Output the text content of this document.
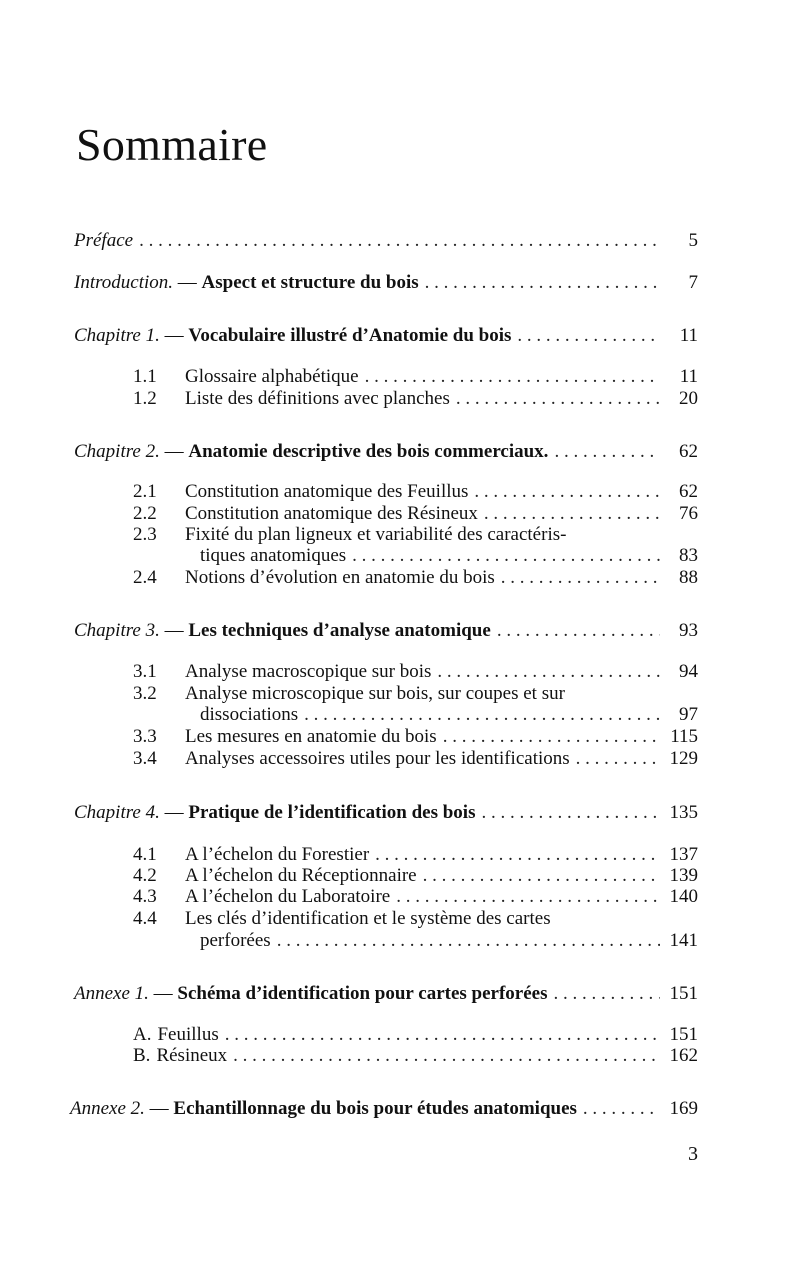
Sommaire
Préface . . .	5
Introduction. — Aspect et structure du bois . . .	7
Chapitre 1. — Vocabulaire illustré d’Anatomie du bois . . .	11
1.1	Glossaire alphabétique . . .	11
1.2	Liste des définitions avec planches . . .	20
Chapitre 2. — Anatomie descriptive des bois commerciaux. . . .	62
2.1	Constitution anatomique des Feuillus . . .	62
2.2	Constitution anatomique des Résineux . . .	76
2.3	Fixité du plan ligneux et variabilité des caractéris-
tiques anatomiques . . .	83
2.4	Notions d’évolution en anatomie du bois . . .	88
Chapitre 3. — Les techniques d’analyse anatomique . . .	93
3.1	Analyse macroscopique sur bois . . .	94
3.2	Analyse microscopique sur bois, sur coupes et sur
dissociations . . .	97
3.3	Les mesures en anatomie du bois . . .	115
3.4	Analyses accessoires utiles pour les identifications . . .	129
Chapitre 4. — Pratique de l’identification des bois . . .	135
4.1	A l’échelon du Forestier . . .	137
4.2	A l’échelon du Réceptionnaire . . .	139
4.3	A l’échelon du Laboratoire . . .	140
4.4	Les clés d’identification et le système des cartes
perforées . . .	141
Annexe 1. — Schéma d’identification pour cartes perforées . . .	151
A. Feuillus . . .	151
B. Résineux . . .	162
Annexe 2. — Echantillonnage du bois pour études anatomiques . . .	169
3
